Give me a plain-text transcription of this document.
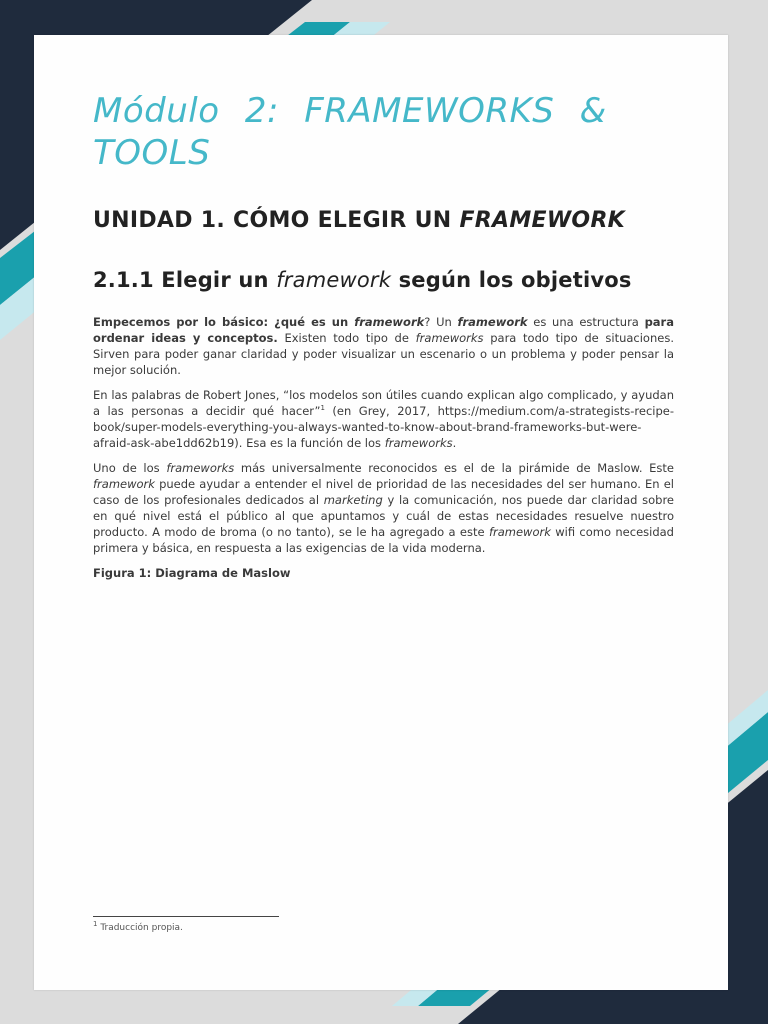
Módulo 2: FRAMEWORKS & TOOLS
UNIDAD 1. CÓMO ELEGIR UN FRAMEWORK
2.1.1 Elegir un framework según los objetivos

Empecemos por lo básico: ¿qué es un framework? Un framework es una estructura para ordenar ideas y conceptos. Existen todo tipo de frameworks para todo tipo de situaciones. Sirven para poder ganar claridad y poder visualizar un escenario o un problema y poder pensar la mejor solución.

En las palabras de Robert Jones, “los modelos son útiles cuando explican algo complicado, y ayudan a las personas a decidir qué hacer”$^1$ (en Grey, 2017, https://medium.com/a-strategists-recipe-book/super-models-everything-you-always-wanted-to-know-about-brand-frameworks-but-were-afraid-ask-abe1dd62b19). Esa es la función de los frameworks.

Uno de los frameworks más universalmente reconocidos es el de la pirámide de Maslow. Este framework puede ayudar a entender el nivel de prioridad de las necesidades del ser humano. En el caso de los profesionales dedicados al marketing y la comunicación, nos puede dar claridad sobre en qué nivel está el público al que apuntamos y cuál de estas necesidades resuelve nuestro producto. A modo de broma (o no tanto), se le ha agregado a este framework wifi como necesidad primera y básica, en respuesta a las exigencias de la vida moderna.

Figura 1: Diagrama de Maslow

$^1$ Traducción propia.
